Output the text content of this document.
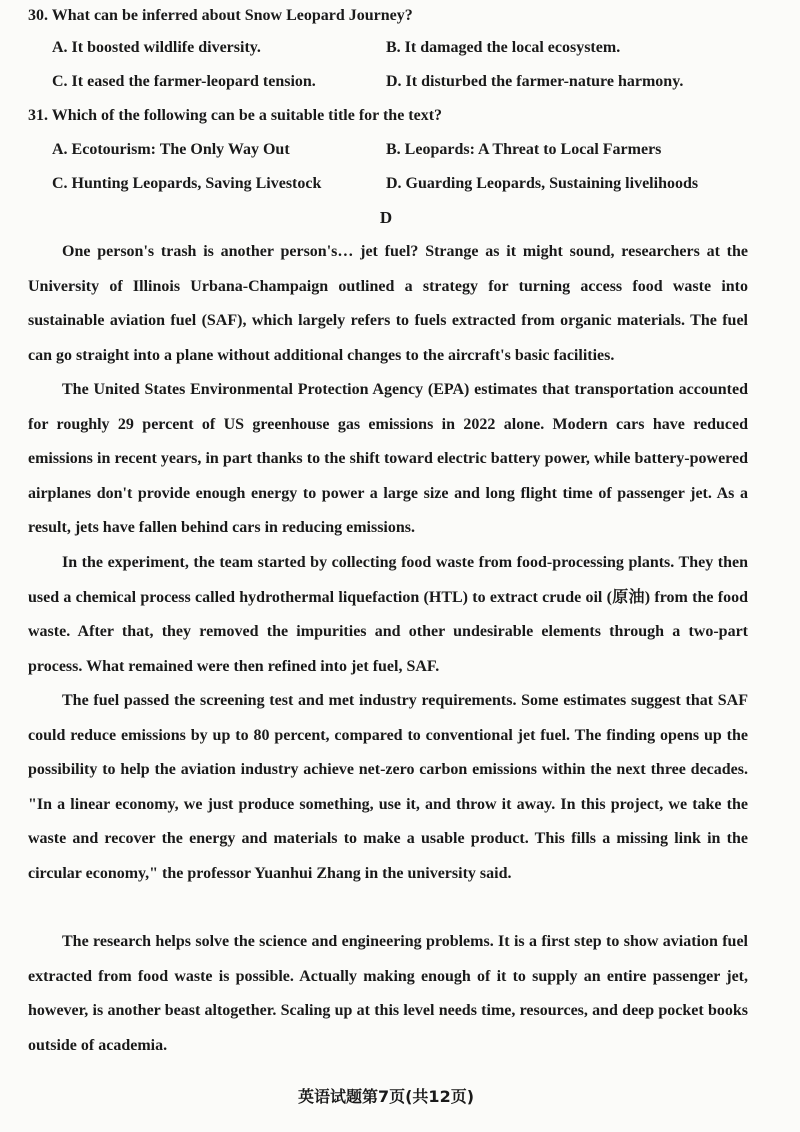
30. What can be inferred about Snow Leopard Journey?
A. It boosted wildlife diversity.	B. It damaged the local ecosystem.
C. It eased the farmer-leopard tension.	D. It disturbed the farmer-nature harmony.
31. Which of the following can be a suitable title for the text?
A. Ecotourism: The Only Way Out	B. Leopards: A Threat to Local Farmers
C. Hunting Leopards, Saving Livestock	D. Guarding Leopards, Sustaining livelihoods
D

One person's trash is another person's… jet fuel? Strange as it might sound, researchers at the University of Illinois Urbana-Champaign outlined a strategy for turning access food waste into sustainable aviation fuel (SAF), which largely refers to fuels extracted from organic materials. The fuel can go straight into a plane without additional changes to the aircraft's basic facilities.

The United States Environmental Protection Agency (EPA) estimates that transportation accounted for roughly 29 percent of US greenhouse gas emissions in 2022 alone. Modern cars have reduced emissions in recent years, in part thanks to the shift toward electric battery power, while battery-powered airplanes don't provide enough energy to power a large size and long flight time of passenger jet. As a result, jets have fallen behind cars in reducing emissions.

In the experiment, the team started by collecting food waste from food-processing plants. They then used a chemical process called hydrothermal liquefaction (HTL) to extract crude oil (原油) from the food waste. After that, they removed the impurities and other undesirable elements through a two-part process. What remained were then refined into jet fuel, SAF.

The fuel passed the screening test and met industry requirements. Some estimates suggest that SAF could reduce emissions by up to 80 percent, compared to conventional jet fuel. The finding opens up the possibility to help the aviation industry achieve net-zero carbon emissions within the next three decades. "In a linear economy, we just produce something, use it, and throw it away. In this project, we take the waste and recover the energy and materials to make a usable product. This fills a missing link in the circular economy," the professor Yuanhui Zhang in the university said.

The research helps solve the science and engineering problems. It is a first step to show aviation fuel extracted from food waste is possible. Actually making enough of it to supply an entire passenger jet, however, is another beast altogether. Scaling up at this level needs time, resources, and deep pocket books outside of academia.

英语试题第7页(共12页)
